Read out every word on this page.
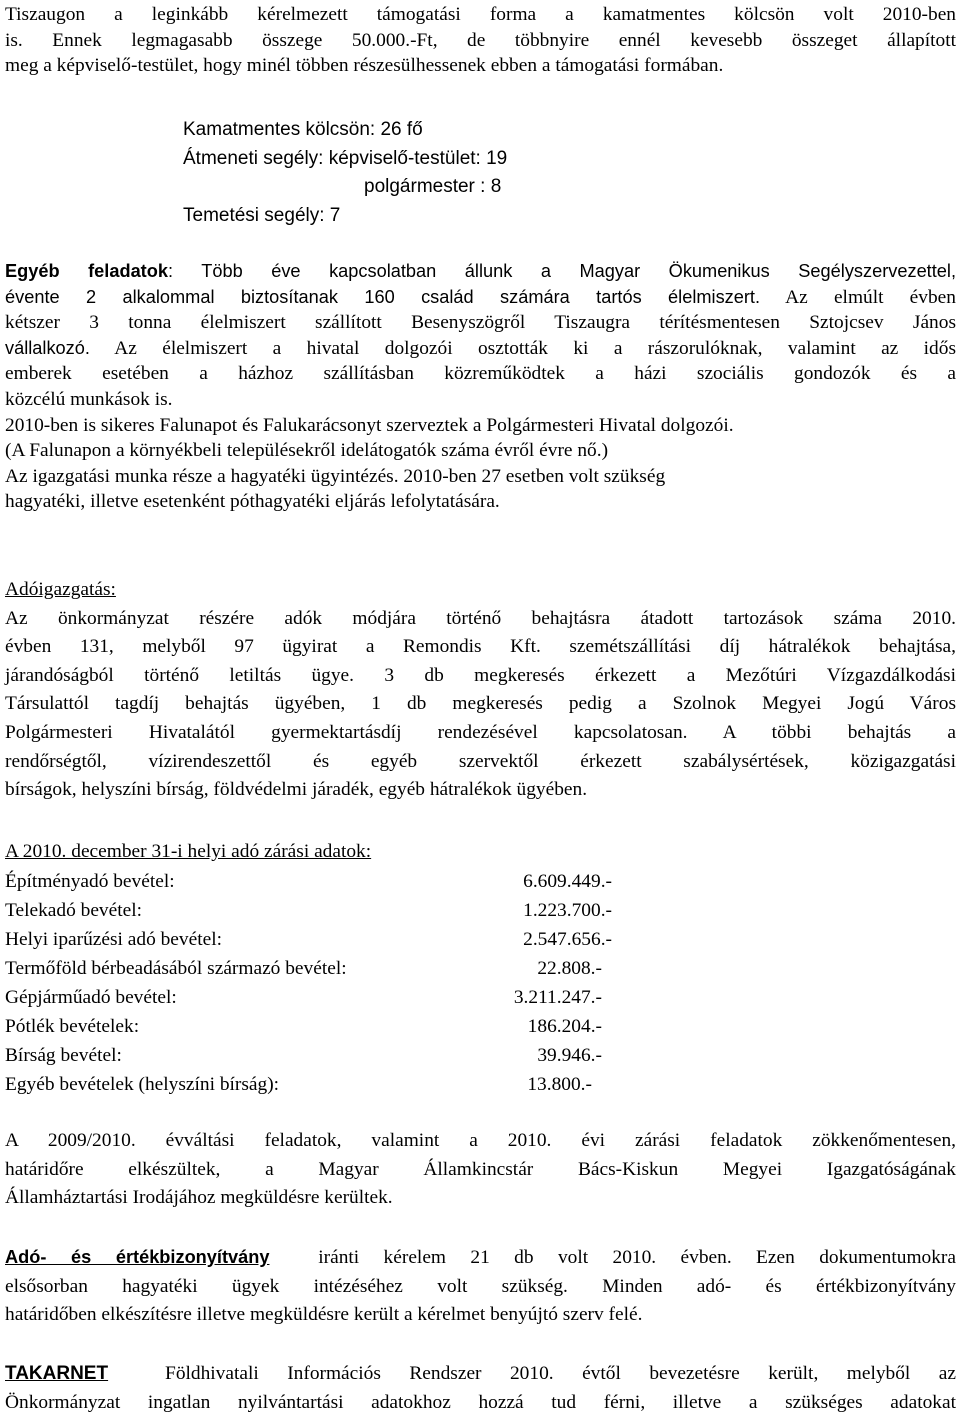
Tiszaugon a leginkább kérelmezett támogatási forma a kamatmentes kölcsön volt 2010-ben

is. Ennek legmagasabb összege 50.000.-Ft, de többnyire ennél kevesebb összeget állapított

meg a képviselő-testület, hogy minél többen részesülhessenek ebben a támogatási formában.

Kamatmentes kölcsön: 26 fő
Átmeneti segély: képviselő-testület: 19
polgármester : 8
Temetési segély: 7

Egyéb feladatok: Több éve kapcsolatban állunk a Magyar Ökumenikus Segélyszervezettel,

évente 2 alkalommal biztosítanak 160 család számára tartós élelmiszert. Az elmúlt évben

kétszer 3 tonna élelmiszert szállított Besenyszögről Tiszaugra térítésmentesen Sztojcsev János

vállalkozó. Az élelmiszert a hivatal dolgozói osztották ki a rászorulóknak, valamint az idős

emberek esetében a házhoz szállításban közreműködtek a házi szociális gondozók és a

közcélú munkások is.

2010-ben is sikeres Falunapot és Falukarácsonyt szerveztek a Polgármesteri Hivatal dolgozói.

(A Falunapon a környékbeli településekről idelátogatók száma évről évre nő.)

Az igazgatási munka része a hagyatéki ügyintézés. 2010-ben 27 esetben volt szükség

hagyatéki, illetve esetenként póthagyatéki eljárás lefolytatására.

Adóigazgatás:

Az önkormányzat részére adók módjára történő behajtásra átadott tartozások száma 2010.

évben 131, melyből 97 ügyirat a Remondis Kft. szemétszállítási díj hátralékok behajtása,

járandóságból történő letiltás ügye. 3 db megkeresés érkezett a Mezőtúri Vízgazdálkodási

Társulattól tagdíj behajtás ügyében, 1 db megkeresés pedig a Szolnok Megyei Jogú Város

Polgármesteri Hivatalától gyermektartásdíj rendezésével kapcsolatosan. A többi behajtás a

rendőrségtől, vízirendeszettől és egyéb szervektől érkezett szabálysértések, közigazgatási

bírságok, helyszíni bírság, földvédelmi járadék, egyéb hátralékok ügyében.

A 2010. december 31-i helyi adó zárási adatok:

Építményadó bevétel:	6.609.449.-
Telekadó bevétel:	1.223.700.-
Helyi iparűzési adó bevétel:	2.547.656.-
Termőföld bérbeadásából származó bevétel:	22.808.-
Gépjárműadó bevétel:	3.211.247.-
Pótlék bevételek:	186.204.-
Bírság bevétel:	39.946.-
Egyéb bevételek (helyszíni bírság):	13.800.-

A 2009/2010. évváltási feladatok, valamint a 2010. évi zárási feladatok zökkenőmentesen,

határidőre elkészültek, a Magyar Államkincstár Bács-Kiskun Megyei Igazgatóságának

Államháztartási Irodájához megküldésre kerültek.

Adó- és értékbizonyítvány	iránti kérelem 21 db volt 2010. évben. Ezen dokumentumokra

elsősorban hagyatéki ügyek intézéséhez volt szükség. Minden adó- és értékbizonyítvány

határidőben elkészítésre illetve megküldésre került a kérelmet benyújtó szerv felé.

TAKARNET	Földhivatali Információs Rendszer 2010. évtől bevezetésre került, melyből az

Önkormányzat ingatlan nyilvántartási adatokhoz hozzá tud férni, illetve a szükséges adatokat
